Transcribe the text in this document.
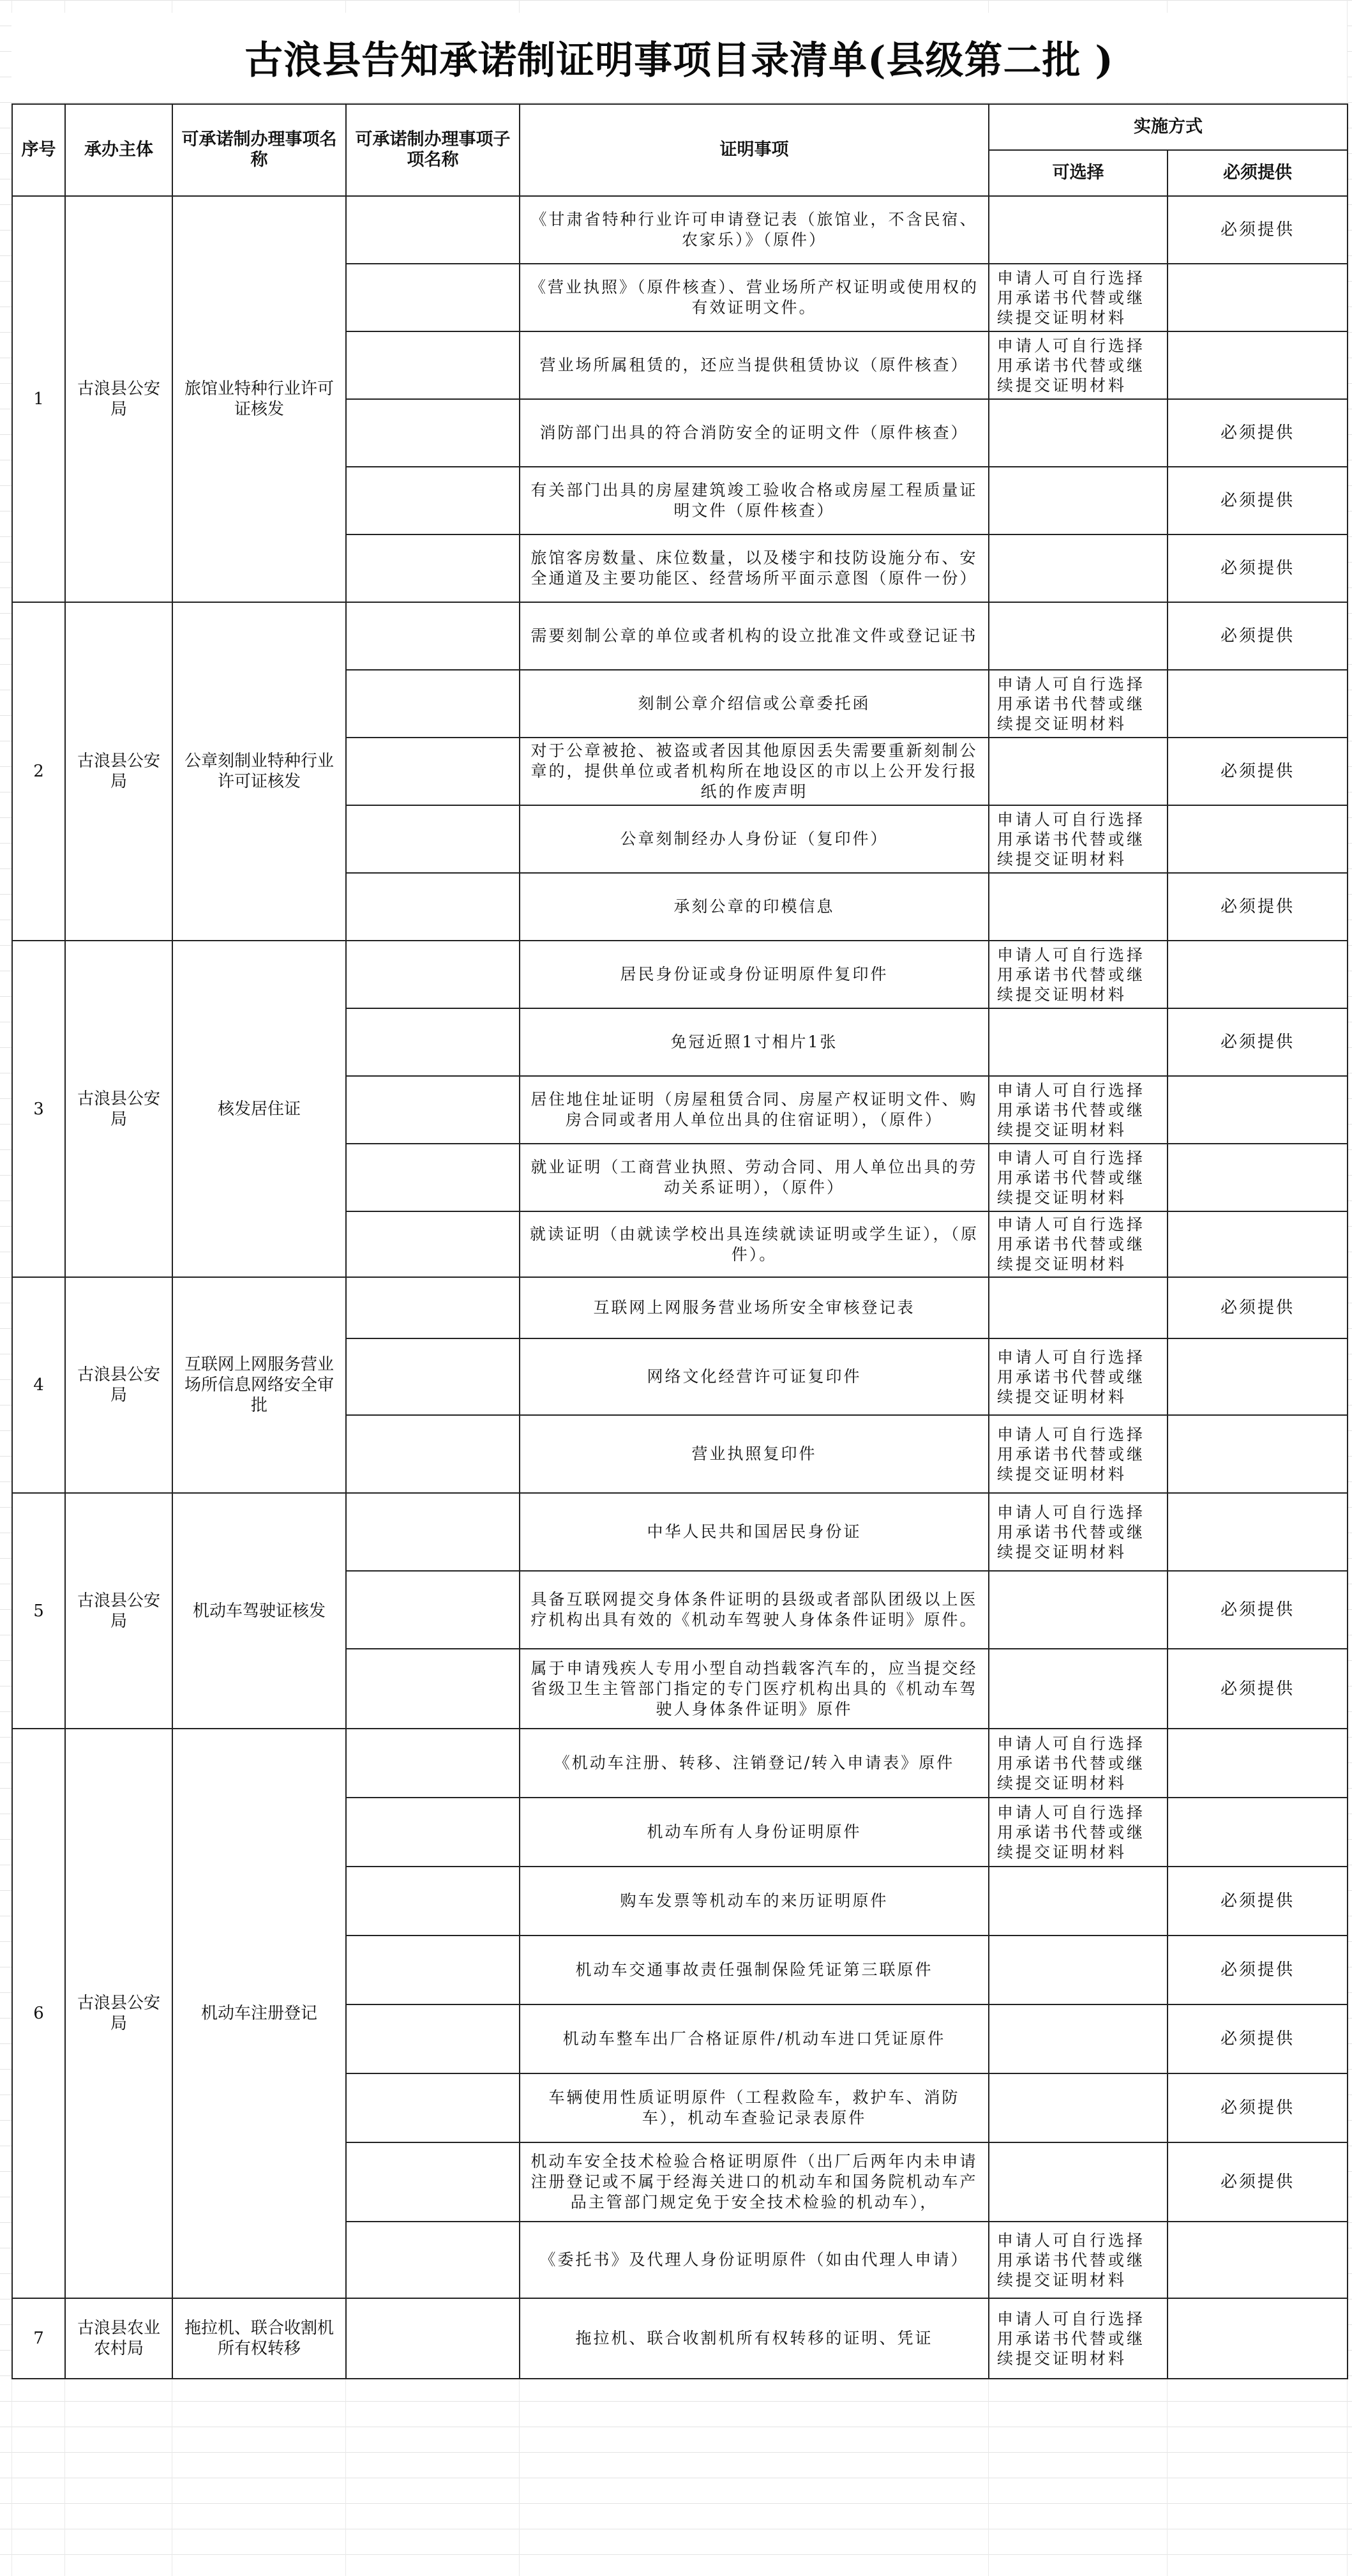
古浪县告知承诺制证明事项目录清单(县级第二批 )
序号	承办主体	可承诺制办理事项名称	可承诺制办理事项子项名称	证明事项	实施方式	
					可选择	必须提供
1	古浪县公安局	旅馆业特种行业许可证核发		《甘肃省特种行业许可申请登记表（旅馆业，不含民宿、农家乐）》（原件）		必须提供
				《营业执照》（原件核查）、营业场所产权证明或使用权的有效证明文件。	申请人可自行选择用承诺书代替或继续提交证明材料	
				营业场所属租赁的，还应当提供租赁协议（原件核查）	申请人可自行选择用承诺书代替或继续提交证明材料	
				消防部门出具的符合消防安全的证明文件（原件核查）		必须提供
				有关部门出具的房屋建筑竣工验收合格或房屋工程质量证明文件（原件核查）		必须提供
				旅馆客房数量、床位数量，以及楼宇和技防设施分布、安全通道及主要功能区、经营场所平面示意图（原件一份）		必须提供
2	古浪县公安局	公章刻制业特种行业许可证核发		需要刻制公章的单位或者机构的设立批准文件或登记证书		必须提供
				刻制公章介绍信或公章委托函	申请人可自行选择用承诺书代替或继续提交证明材料	
				对于公章被抢、被盗或者因其他原因丢失需要重新刻制公章的，提供单位或者机构所在地设区的市以上公开发行报纸的作废声明		必须提供
				公章刻制经办人身份证（复印件）	申请人可自行选择用承诺书代替或继续提交证明材料	
				承刻公章的印模信息		必须提供
3	古浪县公安局	核发居住证		居民身份证或身份证明原件复印件	申请人可自行选择用承诺书代替或继续提交证明材料	
				免冠近照1寸相片1张		必须提供
				居住地住址证明（房屋租赁合同、房屋产权证明文件、购房合同或者用人单位出具的住宿证明），（原件）	申请人可自行选择用承诺书代替或继续提交证明材料	
				就业证明（工商营业执照、劳动合同、用人单位出具的劳动关系证明），（原件）	申请人可自行选择用承诺书代替或继续提交证明材料	
				就读证明（由就读学校出具连续就读证明或学生证），（原件）。	申请人可自行选择用承诺书代替或继续提交证明材料	
4	古浪县公安局	互联网上网服务营业场所信息网络安全审批		互联网上网服务营业场所安全审核登记表		必须提供
				网络文化经营许可证复印件	申请人可自行选择用承诺书代替或继续提交证明材料	
				营业执照复印件	申请人可自行选择用承诺书代替或继续提交证明材料	
5	古浪县公安局	机动车驾驶证核发		中华人民共和国居民身份证	申请人可自行选择用承诺书代替或继续提交证明材料	
				具备互联网提交身体条件证明的县级或者部队团级以上医疗机构出具有效的《机动车驾驶人身体条件证明》原件。		必须提供
				属于申请残疾人专用小型自动挡载客汽车的，应当提交经省级卫生主管部门指定的专门医疗机构出具的《机动车驾驶人身体条件证明》原件		必须提供
6	古浪县公安局	机动车注册登记		《机动车注册、转移、注销登记/转入申请表》原件	申请人可自行选择用承诺书代替或继续提交证明材料	
				机动车所有人身份证明原件	申请人可自行选择用承诺书代替或继续提交证明材料	
				购车发票等机动车的来历证明原件		必须提供
				机动车交通事故责任强制保险凭证第三联原件		必须提供
				机动车整车出厂合格证原件/机动车进口凭证原件		必须提供
				车辆使用性质证明原件（工程救险车，救护车、消防车），机动车查验记录表原件		必须提供
				机动车安全技术检验合格证明原件（出厂后两年内未申请注册登记或不属于经海关进口的机动车和国务院机动车产品主管部门规定免于安全技术检验的机动车），		必须提供
				《委托书》及代理人身份证明原件（如由代理人申请）	申请人可自行选择用承诺书代替或继续提交证明材料	
7	古浪县农业农村局	拖拉机、联合收割机所有权转移		拖拉机、联合收割机所有权转移的证明、凭证	申请人可自行选择用承诺书代替或继续提交证明材料	
